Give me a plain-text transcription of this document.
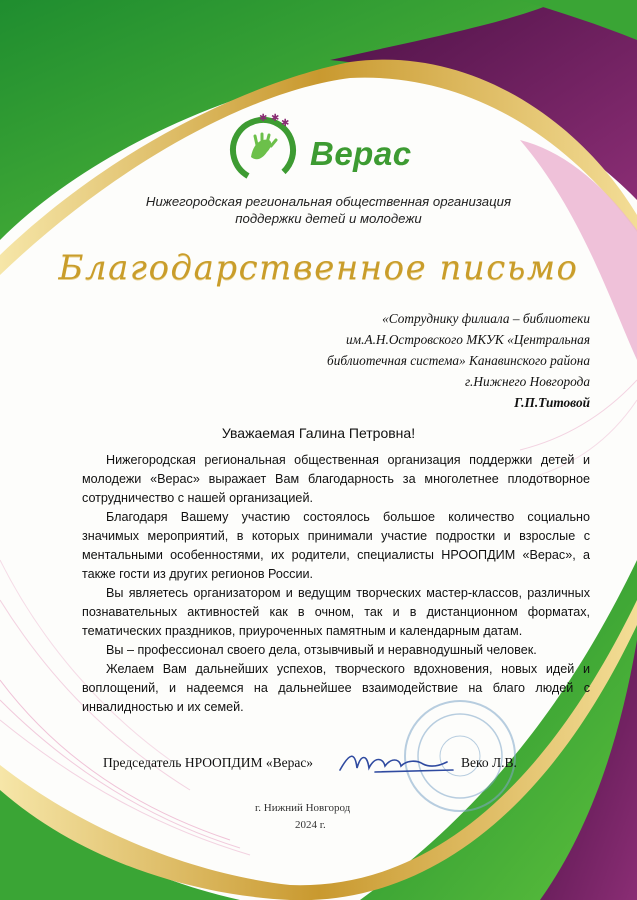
✱ ✱ ✱
Верас
Нижегородская региональная общественная организация
поддержки детей и молодежи
Благодарственное письмо
«Сотруднику филиала – библиотеки
им.А.Н.Островского МКУК «Центральная
библиотечная система» Канавинского района
г.Нижнего Новгорода
Г.П.Титовой
Уважаемая Галина Петровна!

Нижегородская региональная общественная организация поддержки детей и молодежи «Верас» выражает Вам благодарность за многолетнее плодотворное сотрудничество с нашей организацией.

Благодаря Вашему участию состоялось большое количество социально значимых мероприятий, в которых принимали участие подростки и взрослые с ментальными особенностями, их родители, специалисты НРООПДИМ «Верас», а также гости из других регионов России.

Вы являетесь организатором и ведущим творческих мастер-классов, различных познавательных активностей как в очном, так и в дистанционном форматах, тематических праздников, приуроченных памятным и календарным датам.

Вы – профессионал своего дела, отзывчивый и неравнодушный человек.

Желаем Вам дальнейших успехов, творческого вдохновения, новых идей и воплощений, и надеемся на дальнейшее взаимодействие на благо людей с инвалидностью и их семей.

Председатель НРООПДИМ «Верас»	Веко Л.В.
г. Нижний Новгород
2024 г.
